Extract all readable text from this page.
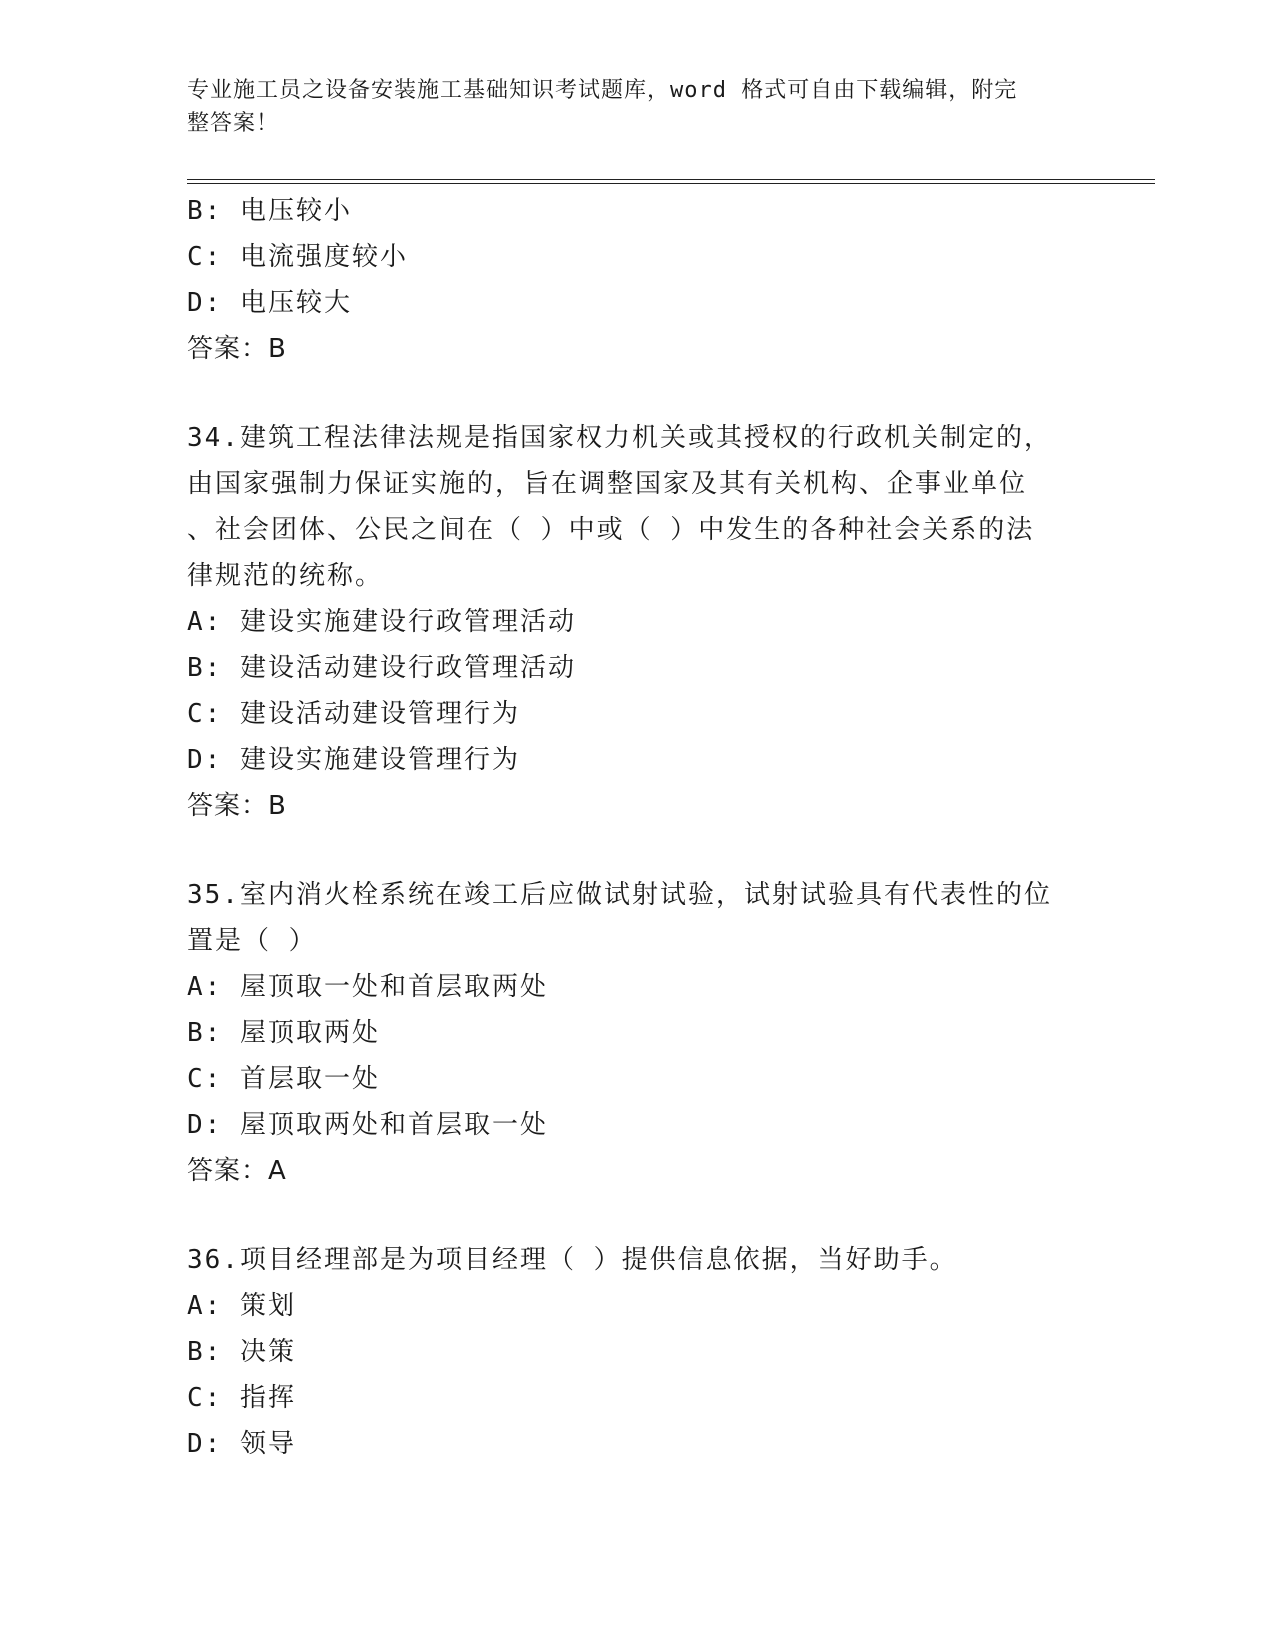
专业施工员之设备安装施工基础知识考试题库，word 格式可自由下载编辑，附完
整答案！
B: 电压较小
C: 电流强度较小
D: 电压较大
答案：B
34.建筑工程法律法规是指国家权力机关或其授权的行政机关制定的，
由国家强制力保证实施的，旨在调整国家及其有关机构、企事业单位
、社会团体、公民之间在（ ）中或（ ）中发生的各种社会关系的法
律规范的统称。
A: 建设实施建设行政管理活动
B: 建设活动建设行政管理活动
C: 建设活动建设管理行为
D: 建设实施建设管理行为
答案：B
35.室内消火栓系统在竣工后应做试射试验，试射试验具有代表性的位
置是（ ）
A: 屋顶取一处和首层取两处
B: 屋顶取两处
C: 首层取一处
D: 屋顶取两处和首层取一处
答案：A
36.项目经理部是为项目经理（ ）提供信息依据，当好助手。
A: 策划
B: 决策
C: 指挥
D: 领导
